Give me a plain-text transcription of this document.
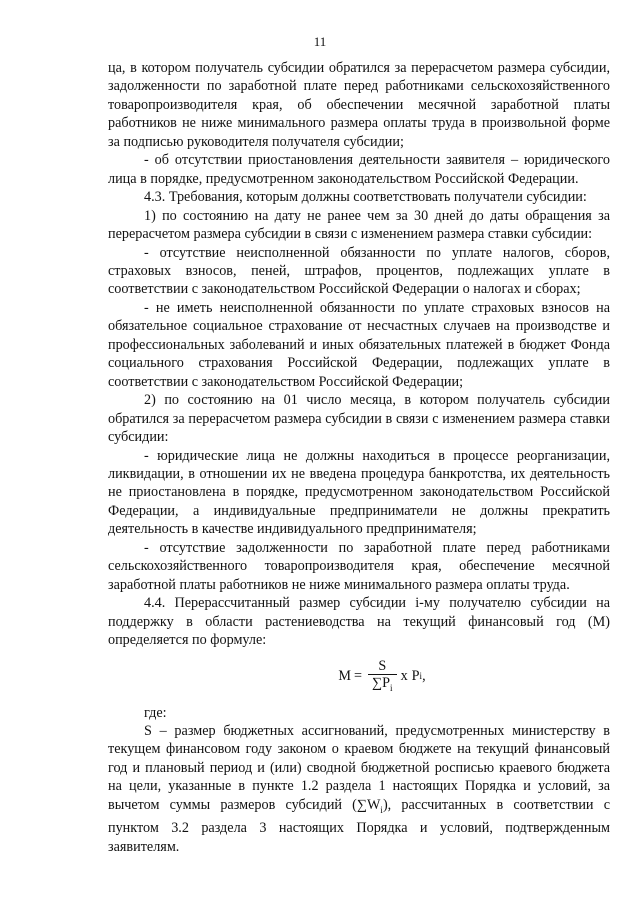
11

ца, в котором получатель субсидии обратился за перерасчетом размера субсидии, задолженности по заработной плате перед работниками сельскохозяйственного товаропроизводителя края, об обеспечении месячной заработной платы работников не ниже минимального размера оплаты труда в произвольной форме за подписью руководителя получателя субсидии;

- об отсутствии приостановления деятельности заявителя – юридического лица в порядке, предусмотренном законодательством Российской Федерации.

4.3. Требования, которым должны соответствовать получатели субсидии:

1) по состоянию на дату не ранее чем за 30 дней до даты обращения за перерасчетом размера субсидии в связи с изменением размера ставки субсидии:

- отсутствие неисполненной обязанности по уплате налогов, сборов, страховых взносов, пеней, штрафов, процентов, подлежащих уплате в соответствии с законодательством Российской Федерации о налогах и сборах;

- не иметь неисполненной обязанности по уплате страховых взносов на обязательное социальное страхование от несчастных случаев на производстве и профессиональных заболеваний и иных обязательных платежей в бюджет Фонда социального страхования Российской Федерации, подлежащих уплате в соответствии с законодательством Российской Федерации;

2) по состоянию на 01 число месяца, в котором получатель субсидии обратился за перерасчетом размера субсидии в связи с изменением размера ставки субсидии:

- юридические лица не должны находиться в процессе реорганизации, ликвидации, в отношении их не введена процедура банкротства, их деятельность не приостановлена в порядке, предусмотренном законодательством Российской Федерации, а индивидуальные предприниматели не должны прекратить деятельность в качестве индивидуального предпринимателя;

- отсутствие задолженности по заработной плате перед работниками сельскохозяйственного товаропроизводителя края, обеспечение месячной заработной платы работников не ниже минимального размера оплаты труда.

4.4. Перерассчитанный размер субсидии i-му получателю субсидии на поддержку в области растениеводства на текущий финансовый год (M) определяется по формуле:

$M = \frac{S}{\sum P_i}$ x P i ,

где:

S – размер бюджетных ассигнований, предусмотренных министерству в текущем финансовом году законом о краевом бюджете на текущий финансовый год и плановый период и (или) сводной бюджетной росписью краевого бюджета на цели, указанные в пункте 1.2 раздела 1 настоящих Порядка и условий, за вычетом суммы размеров субсидий $(\sum W_i)$, рассчитанных в соответствии с пунктом 3.2 раздела 3 настоящих Порядка и условий, подтвержденным заявителям.
